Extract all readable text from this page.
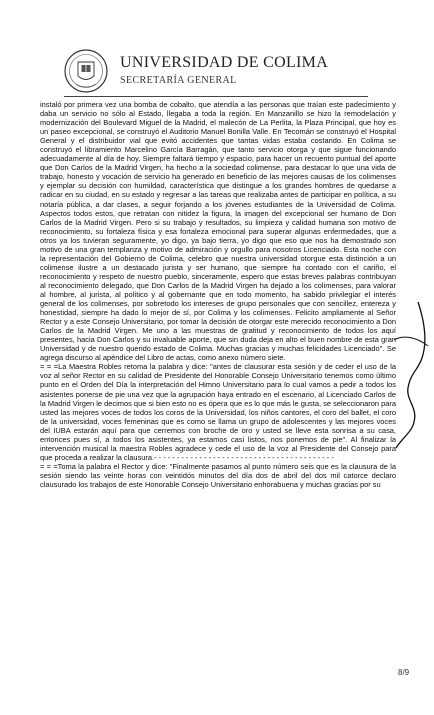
UNIVERSIDAD DE COLIMA
SECRETARÍA GENERAL

instaló por primera vez una bomba de cobalto, que atendía a las personas que traían este padecimiento y daba un servicio no sólo al Estado, llegaba a toda la región. En Manzanillo se hizo la remodelación y modernización del Boulevard Miguel de la Madrid, el malecón de La Perlita, la Plaza Principal, que hoy es un paseo excepcional, se construyó el Auditorio Manuel Bonilla Valle. En Tecomán se construyó el Hospital General y el distribuidor vial que evitó accidentes que tantas vidas estaba costando. En Colima se construyó el libramiento Marcelino García Barragán, que tanto servicio otorga y que sigue funcionando adecuadamente al día de hoy. Siempre faltará tiempo y espacio, para hacer un recuento puntual del aporte que Don Carlos de la Madrid Virgen, ha hecho a la sociedad colimense, para destacar lo que una vida de trabajo, honesto y vocación de servicio ha generado en beneficio de las mejores causas de los colimenses y ejemplar su decisión con humildad, característica que distingue a los grandes hombres de quedarse a radicar en su ciudad, en su estado y regresar a las tareas que realizaba antes de participar en política, a su notaría pública, a dar clases, a seguir forjando a los jóvenes estudiantes de la Universidad de Colima. Aspectos todos estos, que retratan con nitidez la figura, la imagen del excepcional ser humano de Don Carlos de la Madrid Virgen. Pero si su trabajo y resultados, su limpieza y calidad humana son motivo de reconocimiento, su fortaleza física y esa fortaleza emocional para superar algunas enfermedades, que a otros ya los tuvieran seguramente, yo digo, ya bajo tierra, yo digo que eso que nos ha demostrado son motivo de una gran templanza y motivo de admiración y orgullo para nosotros Licenciado. Esta noche con la representación del Gobierno de Colima, celebro que nuestra universidad otorgue esta distinción a un colimense ilustre a un destacado jurista y ser humano, que siempre ha contado con el cariño, el reconocimiento y respeto de nuestro pueblo, sinceramente, espero que estas breves palabras contribuyan al reconocimiento delegado, que Don Carlos de la Madrid Virgen ha dejado a los colimenses, para valorar al hombre, al jurista, al político y al gobernante que en todo momento, ha sabido privilegiar el interés general de los colimenses, por sobretodo los intereses de grupo personales que con sencillez, entereza y honestidad, siempre ha dado lo mejor de sí, por Colima y los colimenses. Felicito ampliamente al Señor Rector y a este Consejo Universitario, por tomar la decisión de otorgar este merecido reconocimiento a Don Carlos de la Madrid Virgen. Me uno a las muestras de gratitud y reconocimiento de todos los aquí presentes, hacia Don Carlos y su invaluable aporte, que sin duda deja en alto el buen nombre de esta gran Universidad y de nuestro querido estado de Colima. Muchas gracias y muchas felicidades Licenciado". Se agrega discurso al apéndice del Libro de actas, como anexo número siete.

= = =La Maestra Robles retoma la palabra y dice: "antes de clausurar esta sesión y de ceder el uso de la voz al señor Rector en su calidad de Presidente del Honorable Consejo Universitario tenemos como último punto en el Orden del Día la interpretación del Himno Universitario para lo cual vamos a pedir a todos los asistentes ponerse de pie una vez que la agrupación haya entrado en el escenario, al Licenciado Carlos de la Madrid Virgen le decimos que si bien esto no es ópera que es lo que más le gusta, se seleccionaron para usted las mejores voces de todos los coros de la Universidad, los niños cantores, el coro del ballet, el coro de la universidad, voces femeninas que es como se llama un grupo de adolescentes y las mejores voces del IUBA estarán aquí para que cerremos con broche de oro y usted se lleve esta sonrisa a su casa, entonces pues sí, a todos los asistentes, ya estamos casi listos, nos ponemos de pie". Al finalizar la intervención musical la maestra Robles agradece y cede el uso de la voz al Presidente del Consejo para que proceda a realizar la clausura.- - - - - - - - - - - - - - - - - - - - - - - - - - - - - - - - - - - - - - - -

= = =Toma la palabra el Rector y dice: "Finalmente pasamos al punto número seis que es la clausura de la sesión siendo las veinte horas con veintidós minutos del día dos de abril del dos mil catorce declaro clausurado los trabajos de este Honorable Consejo Universitario enhorabuena y muchas gracias por su

8/9
